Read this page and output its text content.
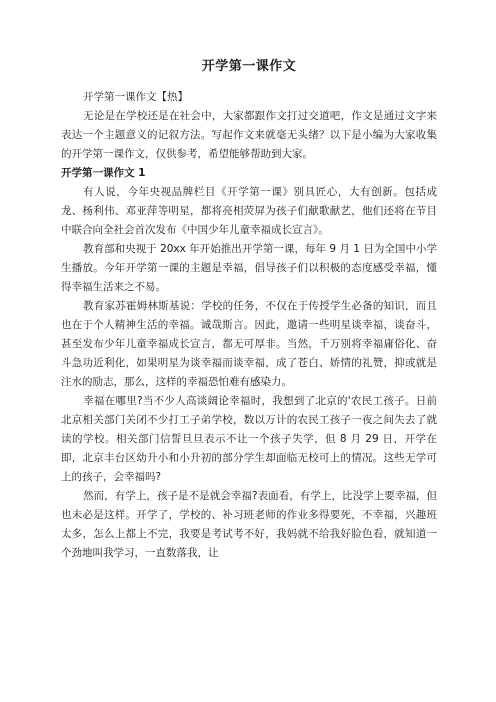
开学第一课作文

开学第一课作文【热】

无论是在学校还是在社会中，大家都跟作文打过交道吧，作文是通过文字来表达一个主题意义的记叙方法。写起作文来就毫无头绪？以下是小编为大家收集的开学第一课作文，仅供参考，希望能够帮助到大家。

开学第一课作文 1

有人说，今年央视品牌栏目《开学第一课》别具匠心，大有创新。包括成龙、杨利伟、邓亚萍等明星，都将亮相荧屏为孩子们献歌献艺，他们还将在节目中联合向全社会首次发布《中国少年儿童幸福成长宣言》。

教育部和央视于 20xx 年开始推出开学第一课，每年 9 月 1 日为全国中小学生播放。今年开学第一课的主题是幸福，倡导孩子们以积极的态度感受幸福，懂得幸福生活来之不易。

教育家苏霍姆林斯基说：学校的任务，不仅在于传授学生必备的知识，而且也在于个人精神生活的幸福。诚哉斯言。因此，邀请一些明星谈幸福，谈奋斗，甚至发布少年儿童幸福成长宣言，都无可厚非。当然，千万别将幸福庸俗化、奋斗急功近利化，如果明星为谈幸福而谈幸福，成了苍白、娇情的礼赞，抑或就是注水的励志，那么，这样的幸福恐怕难有感染力。

幸福在哪里?当不少人高谈阔论幸福时，我想到了北京的'农民工孩子。日前北京相关部门关闭不少打工子弟学校，数以万计的农民工孩子一夜之间失去了就读的学校。相关部门信誓旦旦表示不让一个孩子失学，但 8 月 29 日，开学在即，北京丰台区幼升小和小升初的部分学生却面临无校可上的情况。这些无学可上的孩子，会幸福吗?

然而，有学上，孩子是不是就会幸福?表面看，有学上，比没学上要幸福，但也未必是这样。开学了，学校的、补习班老师的作业多得要死，不幸福，兴趣班太多，怎么上都上不完，我要是考试考不好，我妈就不给我好脸色看，就知道一个劲地叫我学习，一直数落我，让
